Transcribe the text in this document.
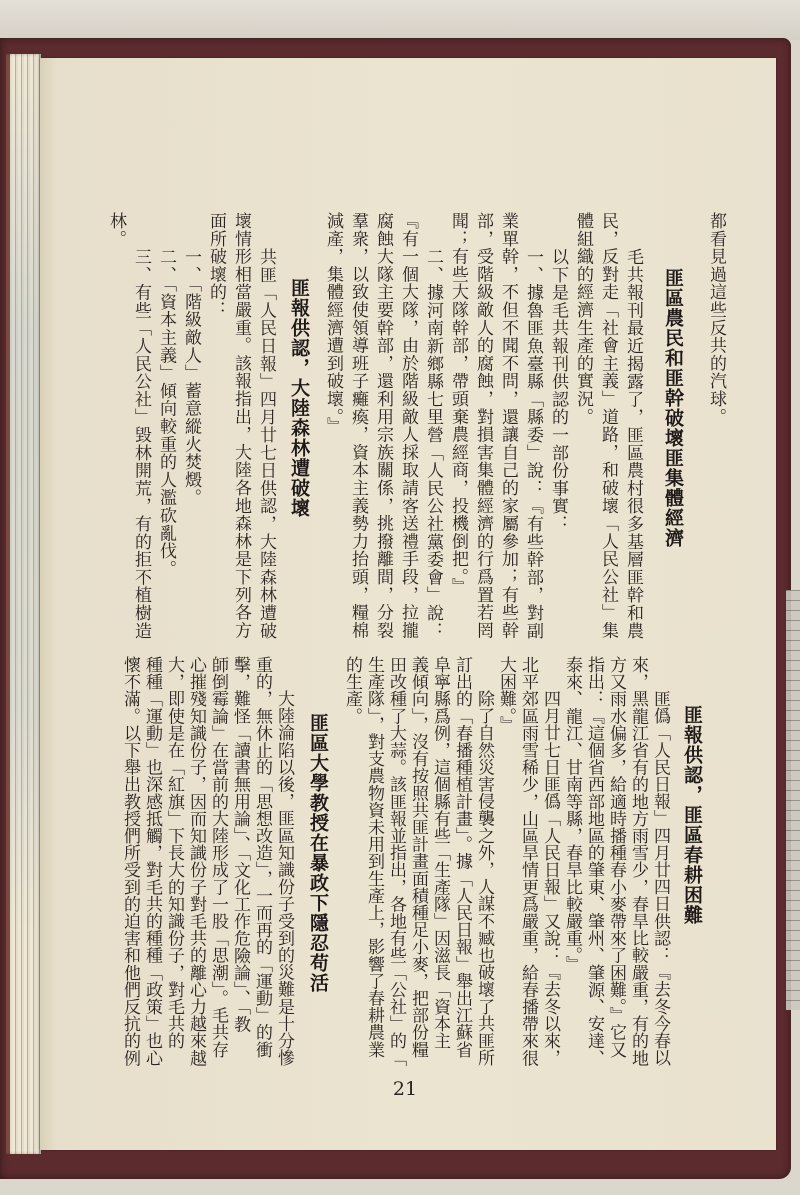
都看見過這些反共的汽球。
匪區農民和匪幹破壞匪集體經濟
毛共報刊最近揭露了，匪區農村很多基層匪幹和農
民，反對走「社會主義」道路，和破壞「人民公社」集
體組織的經濟生產的實況。
以下是毛共報刊供認的一部份事實：
一、據魯匪魚臺縣「縣委」說：『有些幹部，對副
業單幹，不但不聞不問，還讓自己的家屬參加；有些幹
部，受階級敵人的腐蝕，對損害集體經濟的行爲置若罔
聞；有些大隊幹部，帶頭棄農經商，投機倒把。』
二、據河南新鄉縣七里營「人民公社黨委會」說：
『有一個大隊，由於階級敵人採取請客送禮手段，拉攏
腐蝕大隊主要幹部，還利用宗族關係，挑撥離間，分裂
羣衆，以致使領導班子癱瘓，資本主義勢力抬頭，糧棉
減產，集體經濟遭到破壞。』
匪報供認，大陸森林遭破壞
共匪「人民日報」四月廿七日供認，大陸森林遭破
壞情形相當嚴重。該報指出，大陸各地森林是下列各方
面所破壞的：
一、「階級敵人」蓄意縱火焚燬。
二、「資本主義」傾向較重的人濫砍亂伐。
三、有些「人民公社」毀林開荒，有的拒不植樹造
林。
匪報供認，匪區春耕困難
匪僞「人民日報」四月廿四日供認：『去冬今春以
來，黑龍江省有的地方雨雪少，春旱比較嚴重，有的地
方又雨水偏多，給適時播種春小麥帶來了困難。』它又
指出：『這個省西部地區的肇東、肇州、肇源、安達、
泰來、龍江、甘南等縣，春旱比較嚴重。』
四月廿七日匪僞「人民日報」又說：『去冬以來，
北平郊區雨雪稀少，山區旱情更爲嚴重，給春播帶來很
大困難。』
除了自然災害侵襲之外，人謀不臧也破壞了共匪所
訂出的「春播種植計畫」。據「人民日報」舉出江蘇省
阜寧縣爲例，這個縣有些「生產隊」因滋長「資本主
義傾向」，沒有按照共匪計畫面積種足小麥，把部份糧
田改種了大蒜。該匪報並指出，各地有些「公社」的「
生產隊」，對支農物資未用到生產上，影響了春耕農業
的生產。
匪區大學教授在暴政下隱忍苟活
大陸淪陷以後，匪區知識份子受到的災難是十分慘
重的，無休止的「思想改造」，一而再的「運動」的衝
擊，難怪「讀書無用論」、「文化工作危險論」、「教
師倒霉論」在當前的大陸形成了一股「思潮」。毛共存
心摧殘知識份子，因而知識份子對毛共的離心力越來越
大，即使是在「紅旗」下長大的知識份子，對毛共的
種種「運動」也深感抵觸，對毛共的種種「政策」也心
懷不滿。以下舉出教授們所受到的迫害和他們反抗的例
21
